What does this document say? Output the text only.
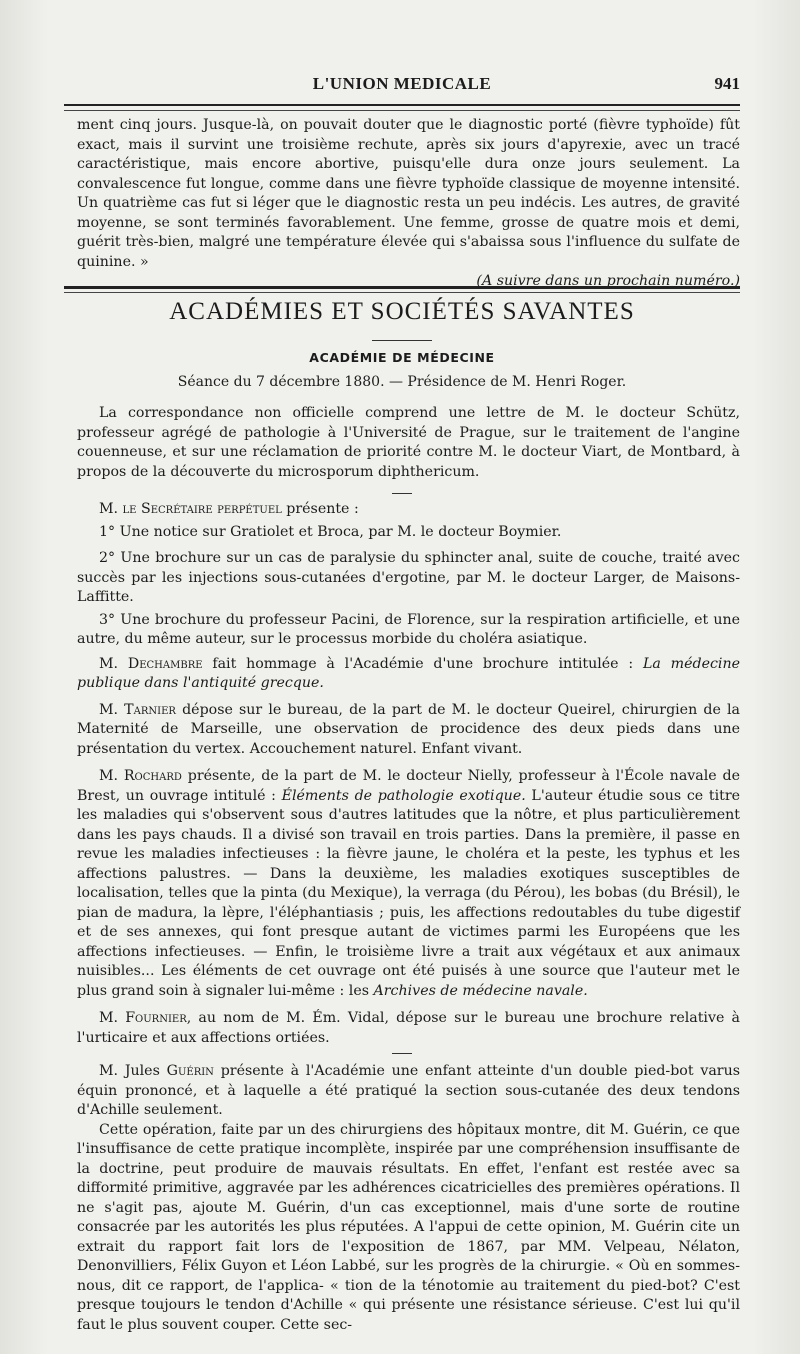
L'UNION MEDICALE	941

ment cinq jours. Jusque-là, on pouvait douter que le diagnostic porté (fièvre typhoïde) fût exact, mais il survint une troisième rechute, après six jours d'apyrexie, avec un tracé caractéristique, mais encore abortive, puisqu'elle dura onze jours seulement. La convalescence fut longue, comme dans une fièvre typhoïde classique de moyenne intensité. Un quatrième cas fut si léger que le diagnostic resta un peu indécis. Les autres, de gravité moyenne, se sont terminés favorablement. Une femme, grosse de quatre mois et demi, guérit très-bien, malgré une température élevée qui s'abaissa sous l'influence du sulfate de quinine. »

(A suivre dans un prochain numéro.)

ACADÉMIES ET SOCIÉTÉS SAVANTES
ACADÉMIE DE MÉDECINE
Séance du 7 décembre 1880. — Présidence de M. Henri Roger.

La correspondance non officielle comprend une lettre de M. le docteur Schütz, professeur agrégé de pathologie à l'Université de Prague, sur le traitement de l'angine couenneuse, et sur une réclamation de priorité contre M. le docteur Viart, de Montbard, à propos de la découverte du microsporum diphthericum.

M. le Secrétaire perpétuel présente :

1° Une notice sur Gratiolet et Broca, par M. le docteur Boymier.

2° Une brochure sur un cas de paralysie du sphincter anal, suite de couche, traité avec succès par les injections sous-cutanées d'ergotine, par M. le docteur Larger, de Maisons-Laffitte.

3° Une brochure du professeur Pacini, de Florence, sur la respiration artificielle, et une autre, du même auteur, sur le processus morbide du choléra asiatique.

M. Dechambre fait hommage à l'Académie d'une brochure intitulée : La médecine publique dans l'antiquité grecque.

M. Tarnier dépose sur le bureau, de la part de M. le docteur Queirel, chirurgien de la Maternité de Marseille, une observation de procidence des deux pieds dans une présentation du vertex. Accouchement naturel. Enfant vivant.

M. Rochard présente, de la part de M. le docteur Nielly, professeur à l'École navale de Brest, un ouvrage intitulé : Éléments de pathologie exotique. L'auteur étudie sous ce titre les maladies qui s'observent sous d'autres latitudes que la nôtre, et plus particulièrement dans les pays chauds. Il a divisé son travail en trois parties. Dans la première, il passe en revue les maladies infectieuses : la fièvre jaune, le choléra et la peste, les typhus et les affections palustres. — Dans la deuxième, les maladies exotiques susceptibles de localisation, telles que la pinta (du Mexique), la verraga (du Pérou), les bobas (du Brésil), le pian de madura, la lèpre, l'éléphantiasis ; puis, les affections redoutables du tube digestif et de ses annexes, qui font presque autant de victimes parmi les Européens que les affections infectieuses. — Enfin, le troisième livre a trait aux végétaux et aux animaux nuisibles... Les éléments de cet ouvrage ont été puisés à une source que l'auteur met le plus grand soin à signaler lui-même : les Archives de médecine navale.

M. Fournier, au nom de M. Ém. Vidal, dépose sur le bureau une brochure relative à l'urticaire et aux affections ortiées.

M. Jules Guérin présente à l'Académie une enfant atteinte d'un double pied-bot varus équin prononcé, et à laquelle a été pratiqué la section sous-cutanée des deux tendons d'Achille seulement.

Cette opération, faite par un des chirurgiens des hôpitaux montre, dit M. Guérin, ce que l'insuffisance de cette pratique incomplète, inspirée par une compréhension insuffisante de la doctrine, peut produire de mauvais résultats. En effet, l'enfant est restée avec sa difformité primitive, aggravée par les adhérences cicatricielles des premières opérations. Il ne s'agit pas, ajoute M. Guérin, d'un cas exceptionnel, mais d'une sorte de routine consacrée par les autorités les plus réputées. A l'appui de cette opinion, M. Guérin cite un extrait du rapport fait lors de l'exposition de 1867, par MM. Velpeau, Nélaton, Denonvilliers, Félix Guyon et Léon Labbé, sur les progrès de la chirurgie. « Où en sommes-nous, dit ce rapport, de l'applica- « tion de la ténotomie au traitement du pied-bot? C'est presque toujours le tendon d'Achille « qui présente une résistance sérieuse. C'est lui qu'il faut le plus souvent couper. Cette sec-
